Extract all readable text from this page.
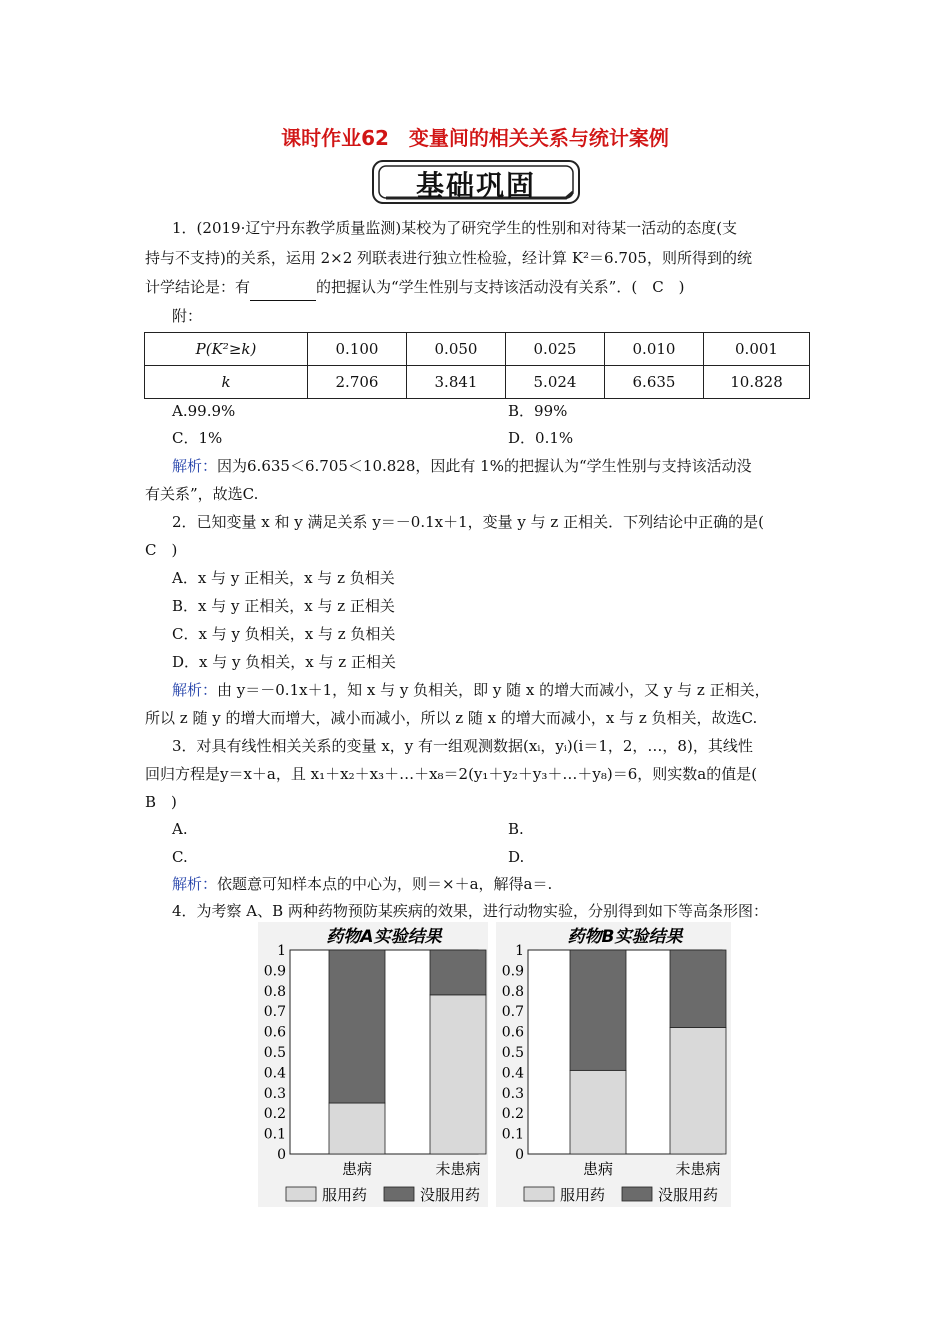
课时作业62　变量间的相关关系与统计案例
基础巩固
1．(2019·辽宁丹东教学质量监测)某校为了研究学生的性别和对待某一活动的态度(支
持与不支持)的关系，运用 2×2 列联表进行独立性检验，经计算 K²＝6.705，则所得到的统
计学结论是：有	的把握认为“学生性别与支持该活动没有关系”．(　C　)
附：
P(K²≥k)	0.100	0.050	0.025	0.010	0.001
k	2.706	3.841	5.024	6.635	10.828
A.99.9%	B．99%
C．1%	D．0.1%
解析：因为6.635＜6.705＜10.828，因此有 1%的把握认为“学生性别与支持该活动没
有关系”，故选C.
2．已知变量 x 和 y 满足关系 y＝－0.1x＋1，变量 y 与 z 正相关．下列结论中正确的是(
C　)
A．x 与 y 正相关，x 与 z 负相关
B．x 与 y 正相关，x 与 z 正相关
C．x 与 y 负相关，x 与 z 负相关
D．x 与 y 负相关，x 与 z 正相关
解析：由 y＝－0.1x＋1，知 x 与 y 负相关，即 y 随 x 的增大而减小，又 y 与 z 正相关，
所以 z 随 y 的增大而增大，减小而减小，所以 z 随 x 的增大而减小，x 与 z 负相关，故选C.
3．对具有线性相关关系的变量 x，y 有一组观测数据(xᵢ，yᵢ)(i＝1，2，…，8)，其线性
回归方程是y＝x＋a，且 x₁＋x₂＋x₃＋…＋x₈＝2(y₁＋y₂＋y₃＋…＋y₈)＝6，则实数a的值是(
B　)
A.	B.
C.	D.
解析：依题意可知样本点的中心为，则＝×＋a，解得a＝.
4．为考察 A、B 两种药物预防某疾病的效果，进行动物实验，分别得到如下等高条形图：
药物A实验结果
0
0.1
0.2
0.3
0.4
0.5
0.6
0.7
0.8
0.9
1
患病	未患病
服用药	没服用药
药物B实验结果
0
0.1
0.2
0.3
0.4
0.5
0.6
0.7
0.8
0.9
1
患病	未患病
服用药	没服用药
